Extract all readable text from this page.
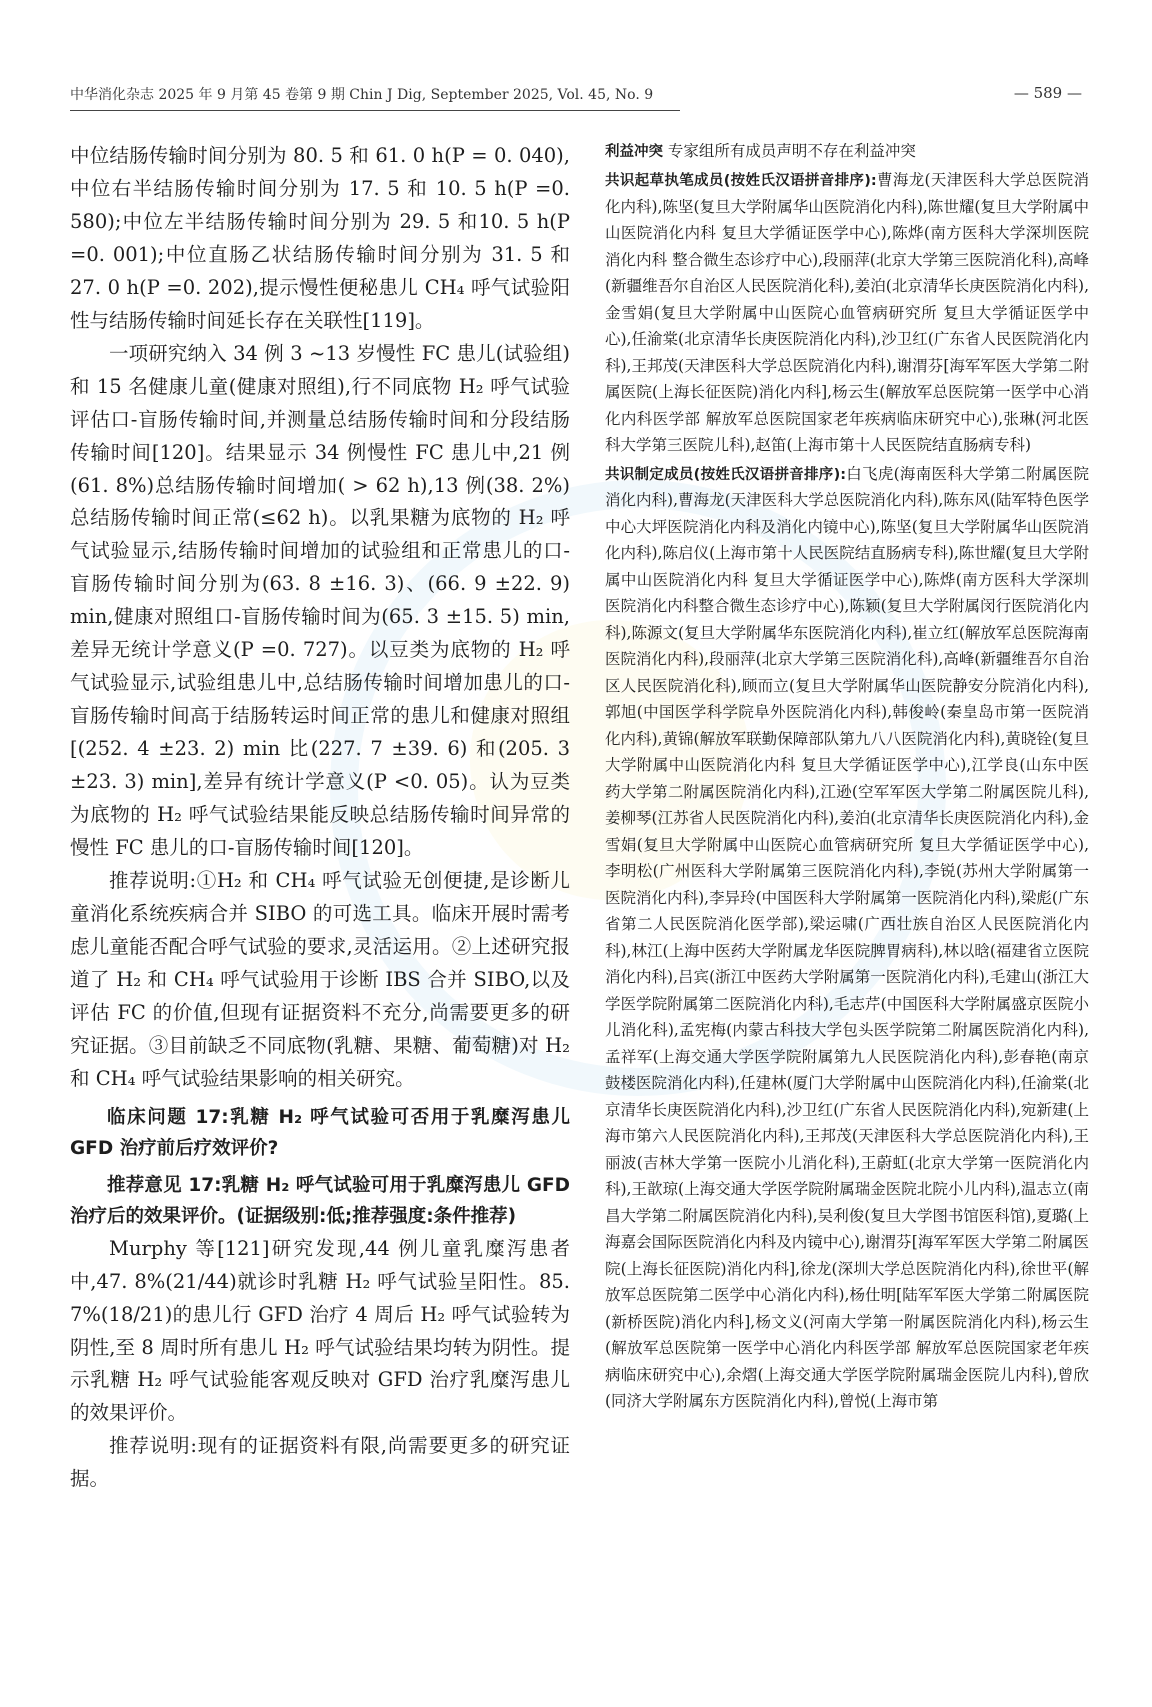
中华消化杂志 2025 年 9 月第 45 卷第 9 期 Chin J Dig, September 2025, Vol. 45, No. 9	— 589 —

中位结肠传输时间分别为 80. 5 和 61. 0 h(P = 0. 040),中位右半结肠传输时间分别为 17. 5 和 10. 5 h(P =0. 580);中位左半结肠传输时间分别为 29. 5 和10. 5 h(P =0. 001);中位直肠乙状结肠传输时间分别为 31. 5 和 27. 0 h(P =0. 202),提示慢性便秘患儿 CH₄ 呼气试验阳性与结肠传输时间延长存在关联性[119]。

一项研究纳入 34 例 3 ~13 岁慢性 FC 患儿(试验组)和 15 名健康儿童(健康对照组),行不同底物 H₂ 呼气试验评估口-盲肠传输时间,并测量总结肠传输时间和分段结肠传输时间[120]。结果显示 34 例慢性 FC 患儿中,21 例(61. 8%)总结肠传输时间增加( > 62 h),13 例(38. 2%)总结肠传输时间正常(≤62 h)。以乳果糖为底物的 H₂ 呼气试验显示,结肠传输时间增加的试验组和正常患儿的口-盲肠传输时间分别为(63. 8 ±16. 3)、(66. 9 ±22. 9) min,健康对照组口-盲肠传输时间为(65. 3 ±15. 5) min,差异无统计学意义(P =0. 727)。以豆类为底物的 H₂ 呼气试验显示,试验组患儿中,总结肠传输时间增加患儿的口-盲肠传输时间高于结肠转运时间正常的患儿和健康对照组[(252. 4 ±23. 2) min 比(227. 7 ±39. 6) 和(205. 3 ±23. 3) min],差异有统计学意义(P <0. 05)。认为豆类为底物的 H₂ 呼气试验结果能反映总结肠传输时间异常的慢性 FC 患儿的口-盲肠传输时间[120]。

推荐说明:①H₂ 和 CH₄ 呼气试验无创便捷,是诊断儿童消化系统疾病合并 SIBO 的可选工具。临床开展时需考虑儿童能否配合呼气试验的要求,灵活运用。②上述研究报道了 H₂ 和 CH₄ 呼气试验用于诊断 IBS 合并 SIBO,以及评估 FC 的价值,但现有证据资料不充分,尚需要更多的研究证据。③目前缺乏不同底物(乳糖、果糖、葡萄糖)对 H₂ 和 CH₄ 呼气试验结果影响的相关研究。

临床问题 17:乳糖 H₂ 呼气试验可否用于乳糜泻患儿 GFD 治疗前后疗效评价?

推荐意见 17:乳糖 H₂ 呼气试验可用于乳糜泻患儿 GFD 治疗后的效果评价。(证据级别:低;推荐强度:条件推荐)

Murphy 等[121]研究发现,44 例儿童乳糜泻患者中,47. 8%(21/44)就诊时乳糖 H₂ 呼气试验呈阳性。85. 7%(18/21)的患儿行 GFD 治疗 4 周后 H₂ 呼气试验转为阴性,至 8 周时所有患儿 H₂ 呼气试验结果均转为阴性。提示乳糖 H₂ 呼气试验能客观反映对 GFD 治疗乳糜泻患儿的效果评价。

推荐说明:现有的证据资料有限,尚需要更多的研究证据。

利益冲突 专家组所有成员声明不存在利益冲突

共识起草执笔成员(按姓氏汉语拼音排序):曹海龙(天津医科大学总医院消化内科),陈坚(复旦大学附属华山医院消化内科),陈世耀(复旦大学附属中山医院消化内科 复旦大学循证医学中心),陈烨(南方医科大学深圳医院消化内科 整合微生态诊疗中心),段丽萍(北京大学第三医院消化科),高峰(新疆维吾尔自治区人民医院消化科),姜泊(北京清华长庚医院消化内科),金雪娟(复旦大学附属中山医院心血管病研究所 复旦大学循证医学中心),任渝棠(北京清华长庚医院消化内科),沙卫红(广东省人民医院消化内科),王邦茂(天津医科大学总医院消化内科),谢渭芬[海军军医大学第二附属医院(上海长征医院)消化内科],杨云生(解放军总医院第一医学中心消化内科医学部 解放军总医院国家老年疾病临床研究中心),张琳(河北医科大学第三医院儿科),赵笛(上海市第十人民医院结直肠病专科)

共识制定成员(按姓氏汉语拼音排序):白飞虎(海南医科大学第二附属医院消化内科),曹海龙(天津医科大学总医院消化内科),陈东风(陆军特色医学中心大坪医院消化内科及消化内镜中心),陈坚(复旦大学附属华山医院消化内科),陈启仪(上海市第十人民医院结直肠病专科),陈世耀(复旦大学附属中山医院消化内科 复旦大学循证医学中心),陈烨(南方医科大学深圳医院消化内科整合微生态诊疗中心),陈颖(复旦大学附属闵行医院消化内科),陈源文(复旦大学附属华东医院消化内科),崔立红(解放军总医院海南医院消化内科),段丽萍(北京大学第三医院消化科),高峰(新疆维吾尔自治区人民医院消化科),顾而立(复旦大学附属华山医院静安分院消化内科),郭旭(中国医学科学院阜外医院消化内科),韩俊岭(秦皇岛市第一医院消化内科),黄锦(解放军联勤保障部队第九八八医院消化内科),黄晓铨(复旦大学附属中山医院消化内科 复旦大学循证医学中心),江学良(山东中医药大学第二附属医院消化内科),江逊(空军军医大学第二附属医院儿科),姜柳琴(江苏省人民医院消化内科),姜泊(北京清华长庚医院消化内科),金雪娟(复旦大学附属中山医院心血管病研究所 复旦大学循证医学中心),李明松(广州医科大学附属第三医院消化内科),李锐(苏州大学附属第一医院消化内科),李异玲(中国医科大学附属第一医院消化内科),梁彪(广东省第二人民医院消化医学部),梁运啸(广西壮族自治区人民医院消化内科),林江(上海中医药大学附属龙华医院脾胃病科),林以晗(福建省立医院消化内科),吕宾(浙江中医药大学附属第一医院消化内科),毛建山(浙江大学医学院附属第二医院消化内科),毛志芹(中国医科大学附属盛京医院小儿消化科),孟宪梅(内蒙古科技大学包头医学院第二附属医院消化内科),孟祥军(上海交通大学医学院附属第九人民医院消化内科),彭春艳(南京鼓楼医院消化内科),任建林(厦门大学附属中山医院消化内科),任渝棠(北京清华长庚医院消化内科),沙卫红(广东省人民医院消化内科),宛新建(上海市第六人民医院消化内科),王邦茂(天津医科大学总医院消化内科),王丽波(吉林大学第一医院小儿消化科),王蔚虹(北京大学第一医院消化内科),王歆琼(上海交通大学医学院附属瑞金医院北院小儿内科),温志立(南昌大学第二附属医院消化内科),吴利俊(复旦大学图书馆医科馆),夏璐(上海嘉会国际医院消化内科及内镜中心),谢渭芬[海军军医大学第二附属医院(上海长征医院)消化内科],徐龙(深圳大学总医院消化内科),徐世平(解放军总医院第二医学中心消化内科),杨仕明[陆军军医大学第二附属医院(新桥医院)消化内科],杨文义(河南大学第一附属医院消化内科),杨云生(解放军总医院第一医学中心消化内科医学部 解放军总医院国家老年疾病临床研究中心),余熠(上海交通大学医学院附属瑞金医院儿内科),曾欣(同济大学附属东方医院消化内科),曾悦(上海市第
